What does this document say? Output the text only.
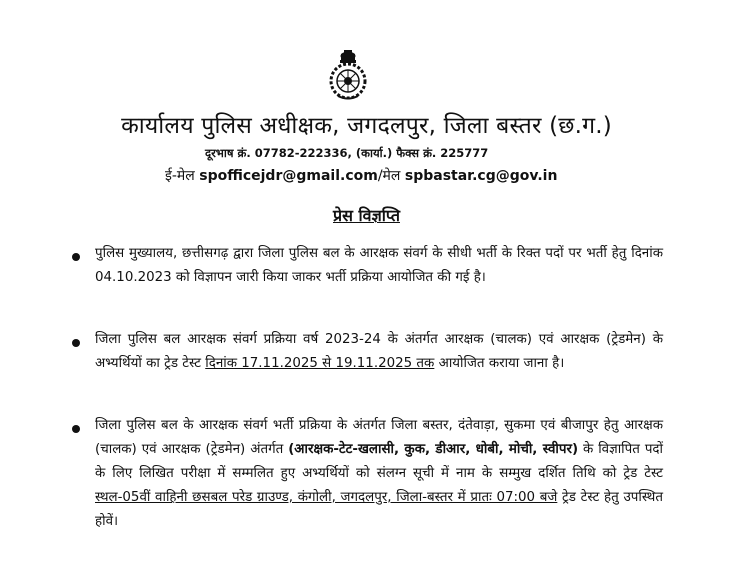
कार्यालय पुलिस अधीक्षक, जगदलपुर, जिला बस्तर (छ.ग.)
दूरभाष क्रं. 07782-222336, (कार्या.) फैक्स क्रं. 225777
ई-मेल spofficejdr@gmail.com/मेल spbastar.cg@gov.in
प्रेस विज्ञप्ति

पुलिस मुख्यालय, छत्तीसगढ़ द्वारा जिला पुलिस बल के आरक्षक संवर्ग के सीधी भर्ती के रिक्त पदों पर भर्ती हेतु दिनांक 04.10.2023 को विज्ञापन जारी किया जाकर भर्ती प्रक्रिया आयोजित की गई है।

जिला पुलिस बल आरक्षक संवर्ग प्रक्रिया वर्ष 2023-24 के अंतर्गत आरक्षक (चालक) एवं आरक्षक (ट्रेडमेन) के अभ्यर्थियों का ट्रेड टेस्ट दिनांक 17.11.2025 से 19.11.2025 तक आयोजित कराया जाना है।

जिला पुलिस बल के आरक्षक संवर्ग भर्ती प्रक्रिया के अंतर्गत जिला बस्तर, दंतेवाड़ा, सुकमा एवं बीजापुर हेतु आरक्षक (चालक) एवं आरक्षक (ट्रेडमेन) अंतर्गत (आरक्षक-टेट-खलासी, कुक, डीआर, धोबी, मोची, स्वीपर) के विज्ञापित पदों के लिए लिखित परीक्षा में सम्मलित हुए अभ्यर्थियों को संलग्न सूची में नाम के सम्मुख दर्शित तिथि को ट्रेड टेस्ट स्थल-05वीं वाहिनी छसबल परेड ग्राउण्ड, कंगोली, जगदलपुर, जिला-बस्तर में प्रातः 07:00 बजे ट्रेड टेस्ट हेतु उपस्थित होवें।
